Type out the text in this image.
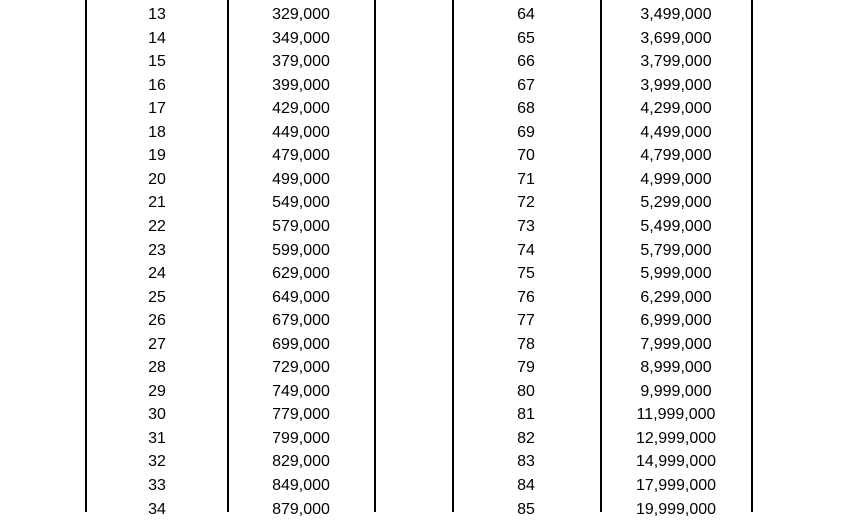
13	329,000	64	3,499,000
14	349,000	65	3,699,000
15	379,000	66	3,799,000
16	399,000	67	3,999,000
17	429,000	68	4,299,000
18	449,000	69	4,499,000
19	479,000	70	4,799,000
20	499,000	71	4,999,000
21	549,000	72	5,299,000
22	579,000	73	5,499,000
23	599,000	74	5,799,000
24	629,000	75	5,999,000
25	649,000	76	6,299,000
26	679,000	77	6,999,000
27	699,000	78	7,999,000
28	729,000	79	8,999,000
29	749,000	80	9,999,000
30	779,000	81	11,999,000
31	799,000	82	12,999,000
32	829,000	83	14,999,000
33	849,000	84	17,999,000
34	879,000	85	19,999,000
